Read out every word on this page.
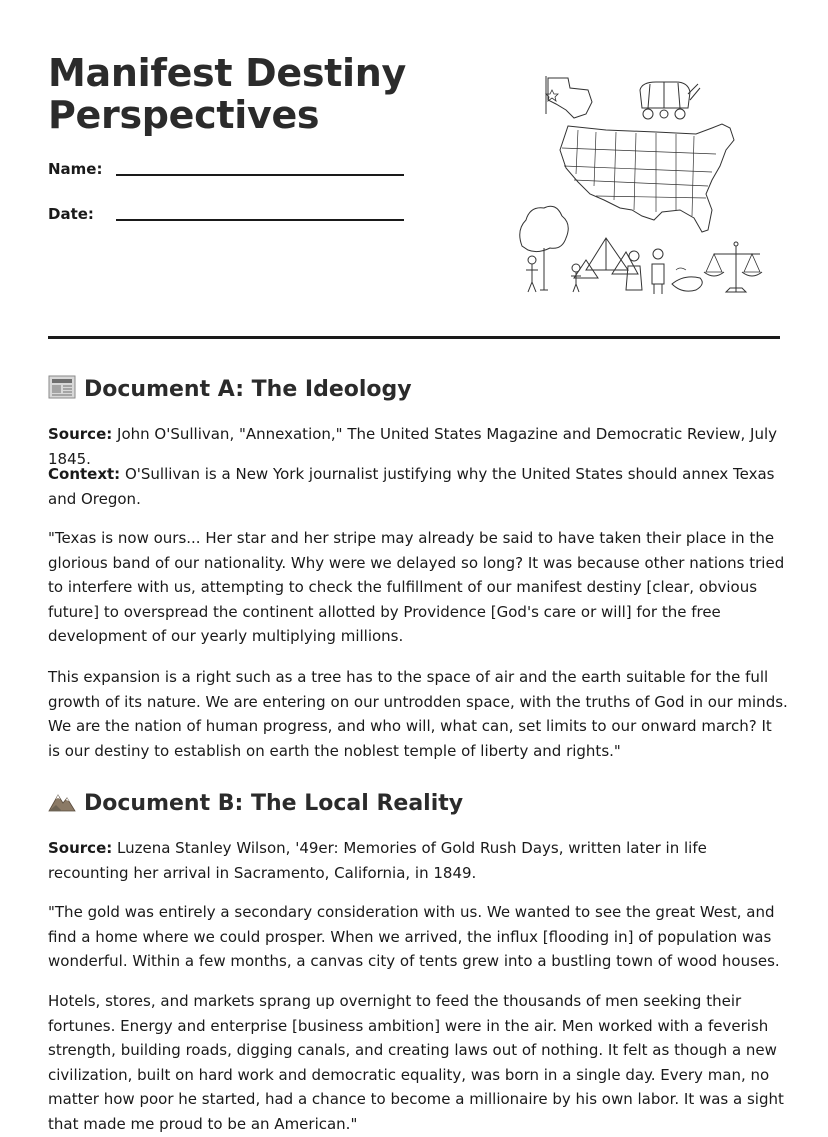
Manifest Destiny
Perspectives
Name:
Date:
Document A: The Ideology

Source: John O'Sullivan, "Annexation," The United States Magazine and Democratic Review, July 1845.

Context: O'Sullivan is a New York journalist justifying why the United States should annex Texas and Oregon.

"Texas is now ours... Her star and her stripe may already be said to have taken their place in the glorious band of our nationality. Why were we delayed so long? It was because other nations tried to interfere with us, attempting to check the fulfillment of our manifest destiny [clear, obvious future] to overspread the continent allotted by Providence [God's care or will] for the free development of our yearly multiplying millions.

This expansion is a right such as a tree has to the space of air and the earth suitable for the full growth of its nature. We are entering on our untrodden space, with the truths of God in our minds. We are the nation of human progress, and who will, what can, set limits to our onward march? It is our destiny to establish on earth the noblest temple of liberty and rights."

Document B: The Local Reality

Source: Luzena Stanley Wilson, '49er: Memories of Gold Rush Days, written later in life recounting her arrival in Sacramento, California, in 1849.

"The gold was entirely a secondary consideration with us. We wanted to see the great West, and find a home where we could prosper. When we arrived, the influx [flooding in] of population was wonderful. Within a few months, a canvas city of tents grew into a bustling town of wood houses.

Hotels, stores, and markets sprang up overnight to feed the thousands of men seeking their fortunes. Energy and enterprise [business ambition] were in the air. Men worked with a feverish strength, building roads, digging canals, and creating laws out of nothing. It felt as though a new civilization, built on hard work and democratic equality, was born in a single day. Every man, no matter how poor he started, had a chance to become a millionaire by his own labor. It was a sight that made me proud to be an American."
